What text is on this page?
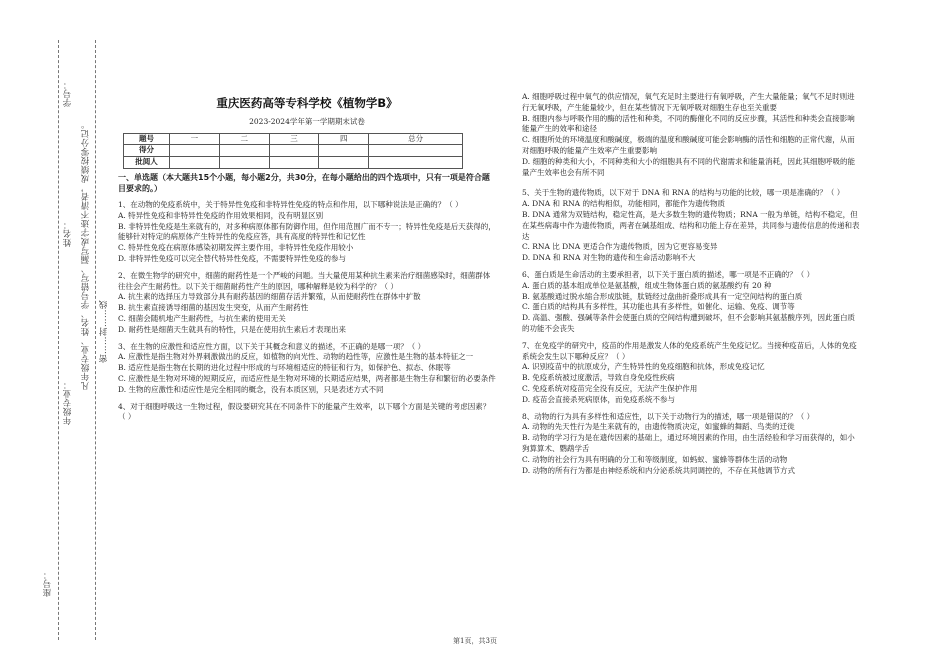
座号：
年级专业：
姓名：
学号：
凡年级专业、姓名、学号错写、漏写或字迹不清者，成绩按零分记。 密……封……线
重庆医药高等专科学校《植物学B》
2023-2024学年第一学期期末试卷
题号	一	二	三	四	总分
得分					
批阅人					
一、单选题（本大题共15个小题，每小题2分，共30分，在每小题给出的四个选项中，只有一项是符合题目要求的。）

1、在动物的免疫系统中，关于特异性免疫和非特异性免疫的特点和作用，以下哪种说法是正确的？（ ）

A. 特异性免疫和非特异性免疫的作用效果相同，没有明显区别

B. 非特异性免疫是生来就有的，对多种病原体都有防御作用，但作用范围广而不专一；特异性免疫是后天获得的，能够针对特定的病原体产生特异性的免疫应答，具有高度的特异性和记忆性

C. 特异性免疫在病原体感染初期发挥主要作用，非特异性免疫作用较小

D. 非特异性免疫可以完全替代特异性免疫，不需要特异性免疫的参与

2、在微生物学的研究中，细菌的耐药性是一个严峻的问题。当大量使用某种抗生素来治疗细菌感染时，细菌群体往往会产生耐药性。以下关于细菌耐药性产生的原因，哪种解释是较为科学的？（ ）

A. 抗生素的选择压力导致部分具有耐药基因的细菌存活并繁殖，从而使耐药性在群体中扩散

B. 抗生素直接诱导细菌的基因发生突变，从而产生耐药性

C. 细菌会随机地产生耐药性，与抗生素的使用无关

D. 耐药性是细菌天生就具有的特性，只是在使用抗生素后才表现出来

3、在生物的应激性和适应性方面，以下关于其概念和意义的描述，不正确的是哪一项？（ ）

A. 应激性是指生物对外界刺激做出的反应，如植物的向光性、动物的趋性等，应激性是生物的基本特征之一

B. 适应性是指生物在长期的进化过程中形成的与环境相适应的特征和行为，如保护色、拟态、休眠等

C. 应激性是生物对环境的短期反应，而适应性是生物对环境的长期适应结果，两者都是生物生存和繁衍的必要条件

D. 生物的应激性和适应性是完全相同的概念，没有本质区别，只是表述方式不同

4、对于细胞呼吸这一生物过程，假设要研究其在不同条件下的能量产生效率，以下哪个方面是关键的考虑因素？（ ）

A. 细胞呼吸过程中氧气的供应情况，氧气充足时主要进行有氧呼吸，产生大量能量；氧气不足时则进行无氧呼吸，产生能量较少，但在某些情况下无氧呼吸对细胞生存也至关重要

B. 细胞内参与呼吸作用的酶的活性和种类，不同的酶催化不同的反应步骤，其活性和种类会直接影响能量产生的效率和途径

C. 细胞所处的环境温度和酸碱度，极端的温度和酸碱度可能会影响酶的活性和细胞的正常代谢，从而对细胞呼吸的能量产生效率产生重要影响

D. 细胞的种类和大小，不同种类和大小的细胞具有不同的代谢需求和能量消耗，因此其细胞呼吸的能量产生效率也会有所不同

5、关于生物的遗传物质，以下对于 DNA 和 RNA 的结构与功能的比较，哪一项是准确的？（ ）

A. DNA 和 RNA 的结构相似，功能相同，都能作为遗传物质

B. DNA 通常为双链结构，稳定性高，是大多数生物的遗传物质；RNA 一般为单链，结构不稳定，但在某些病毒中作为遗传物质，两者在碱基组成、结构和功能上存在差异，共同参与遗传信息的传递和表达

C. RNA 比 DNA 更适合作为遗传物质，因为它更容易变异

D. DNA 和 RNA 对生物的遗传和生命活动影响不大

6、蛋白质是生命活动的主要承担者，以下关于蛋白质的描述，哪一项是不正确的？（ ）

A. 蛋白质的基本组成单位是氨基酸，组成生物体蛋白质的氨基酸约有 20 种

B. 氨基酸通过脱水缩合形成肽链，肽链经过盘曲折叠形成具有一定空间结构的蛋白质

C. 蛋白质的结构具有多样性，其功能也具有多样性，如催化、运输、免疫、调节等

D. 高温、强酸、强碱等条件会使蛋白质的空间结构遭到破坏，但不会影响其氨基酸序列，因此蛋白质的功能不会丧失

7、在免疫学的研究中，疫苗的作用是激发人体的免疫系统产生免疫记忆。当接种疫苗后，人体的免疫系统会发生以下哪种反应？（ ）

A. 识别疫苗中的抗原成分，产生特异性的免疫细胞和抗体，形成免疫记忆

B. 免疫系统被过度激活，导致自身免疫性疾病

C. 免疫系统对疫苗完全没有反应，无法产生保护作用

D. 疫苗会直接杀死病原体，而免疫系统不参与

8、动物的行为具有多样性和适应性，以下关于动物行为的描述，哪一项是错误的？（ ）

A. 动物的先天性行为是生来就有的，由遗传物质决定，如蜜蜂的舞蹈、鸟类的迁徙

B. 动物的学习行为是在遗传因素的基础上，通过环境因素的作用，由生活经验和学习而获得的，如小狗算算术、鹦鹉学舌

C. 动物的社会行为具有明确的分工和等级制度，如蚂蚁、蜜蜂等群体生活的动物

D. 动物的所有行为都是由神经系统和内分泌系统共同调控的，不存在其他调节方式

第1页，共3页
